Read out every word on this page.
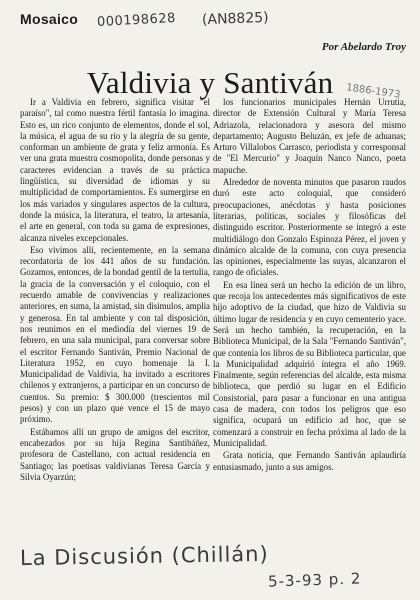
Mosaico 000198628 (AN8825)
Por Abelardo Troy
Valdivia y Santiván	1886-1973

Ir a Valdivia en febrero, significa visitar "el paraíso", tal como nuestra fértil fantasía lo imagina. Esto es, un rico conjunto de elementos, donde el sol, la música, el agua de su río y la alegría de su gente, conforman un ambiente de grata y feliz armonía. Es ver una grata muestra cosmopolita, donde personas y caracteres evidencian a través de su práctica lingüística, su diversidad de idiomas y su multiplicidad de comportamientos. Es sumergirse en los más variados y singulares aspectos de la cultura, donde la música, la literatura, el teatro, la artesanía, el arte en general, con toda su gama de expresiones, alcanza niveles excepcionales.

Eso vivimos allí, recientemente, en la semana recordatoria de los 441 años de su fundación. Gozamos, entonces, de la bondad gentil de la tertulia, la gracia de la conversación y el coloquio, con el recuerdo amable de convivencias y realizaciones anteriores, en suma, la amistad, sin disimulos, amplia y generosa. En tal ambiente y con tal disposición, nos reunimos en el mediodía del viernes 19 de febrero, en una sala municipal, para conversar sobre el escritor Fernando Santiván, Premio Nacional de Literatura 1952, en cuyo homenaje la I. Municipalidad de Valdivia, ha invitado a escritores chilenos y extranjeros, a participar en un concurso de cuentos. Su premio: $ 300.000 (trescientos mil pesos) y con un plazo que vence el 15 de mayo próximo.

Estábamos allí un grupo de amigos del escritor, encabezados por su hija Regina Santibáñez, profesora de Castellano, con actual residencia en Santiago; las poetisas valdivianas Teresa García y Silvia Oyarzún;

los funcionarios municipales Hernán Urrutia, director de Extensión Cultural y María Teresa Adriazola, relacionadora y asesora del mismo departamento; Augusto Beluzán, ex jefe de aduanas; Arturo Villalobos Carrasco, periodista y corresponsal de "El Mercurio" y Joaquín Nanco Nanco, poeta mapuche.

Alrededor de noventa minutos que pasaron raudos duró este acto coloquial, que consideró preocupaciones, anécdotas y hasta posiciones literarias, políticas, sociales y filosóficas del distinguido escritor. Posteriormente se integró a este multidiálogo don Gonzalo Espinoza Pérez, el joven y dinámico alcalde de la comuna, con cuya presencia las opiniones, especialmente las suyas, alcanzaron el rango de oficiales.

En esa línea será un hecho la edición de un libro, que recoja los antecedentes más significativos de este hijo adoptivo de la ciudad, que hizo de Valdivia su último lugar de residencia y en cuyo cementerio yace. Será un hecho también, la recuperación, en la Biblioteca Municipal, de la Sala "Fernando Santiván", que contenía los libros de su Biblioteca particular, que la Municipalidad adquirió íntegra el año 1969. Finalmente, según referencias del alcalde, esta misma biblioteca, que perdió su lugar en el Edificio Consistorial, para pasar a funcionar en una antigua casa de madera, con todos los peligros que eso significa, ocupará un edificio ad hoc, que se comenzará a construir en fecha próxima al lado de la Municipalidad.

Grata noticia, que Fernando Santiván aplaudiría entusiasmado, junto a sus amigos.

La Discusión (Chillán)
5-3-93 p. 2
